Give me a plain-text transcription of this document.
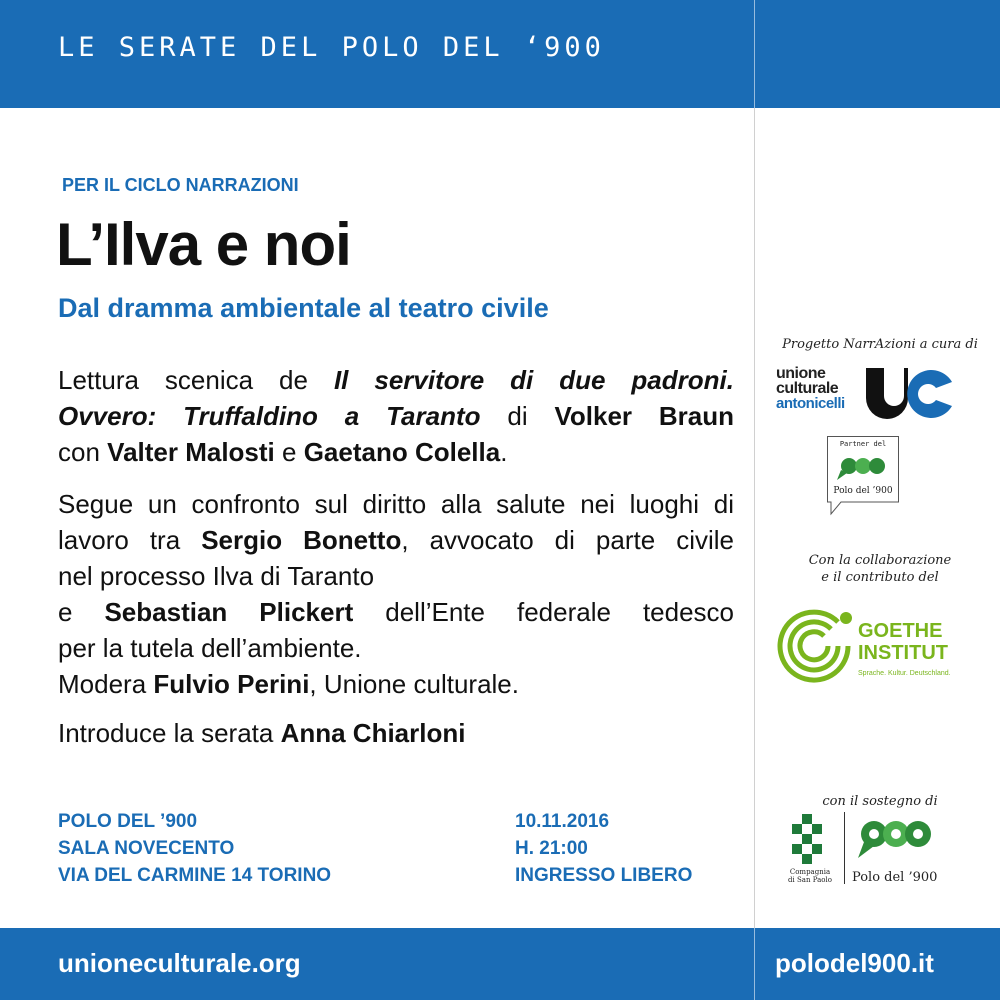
LE SERATE DEL POLO DEL ‘900
PER IL CICLO NARRAZIONI
L’Ilva e noi
Dal dramma ambientale al teatro civile
Lettura scenica de Il servitore di due padroni.
Ovvero: Truffaldino a Taranto di Volker Braun
con Valter Malosti e Gaetano Colella.
Segue un confronto sul diritto alla salute nei luoghi di
lavoro tra Sergio Bonetto, avvocato di parte civile
nel processo Ilva di Taranto
e Sebastian Plickert dell’Ente federale tedesco
per la tutela dell’ambiente.
Modera Fulvio Perini, Unione culturale.
Introduce la serata Anna Chiarloni
POLO DEL ’900
SALA NOVECENTO
VIA DEL CARMINE 14 TORINO
10.11.2016
H. 21:00
INGRESSO LIBERO
Progetto NarrAzioni a cura di
unione
culturale
antonicelli
Partner del
Polo del ’900
Con la collaborazione
e il contributo del
GOETHE
INSTITUT
Sprache. Kultur. Deutschland.
con il sostegno di
Compagnia
di San Paolo	Polo del ’900
unioneculturale.org	polodel900.it
